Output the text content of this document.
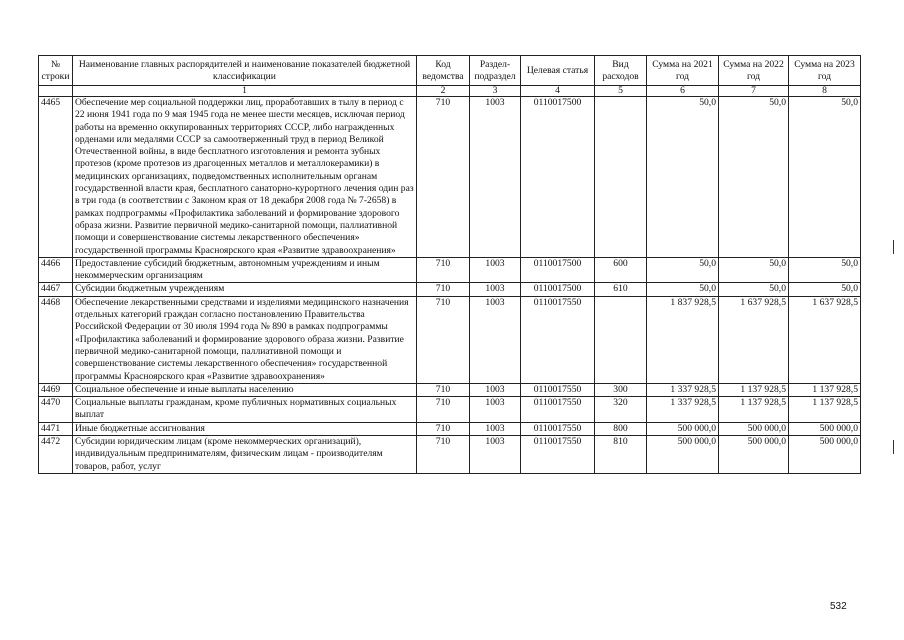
№ строки	Наименование главных распорядителей и наименование показателей бюджетной классификации	Код ведомства	Раздел-подраздел	Целевая статья	Вид расходов	Сумма на 2021 год	Сумма на 2022 год	Сумма на 2023 год
	1	2	3	4	5	6	7	8
4465	Обеспечение мер социальной поддержки лиц, проработавших в тылу в период с 22 июня 1941 года по 9 мая 1945 года не менее шести месяцев, исключая период работы на временно оккупированных территориях СССР, либо награжденных орденами или медалями СССР за самоотверженный труд в период Великой Отечественной войны, в виде бесплатного изготовления и ремонта зубных протезов (кроме протезов из драгоценных металлов и металлокерамики) в медицинских организациях, подведомственных исполнительным органам государственной власти края, бесплатного санаторно-курортного лечения один раз в три года (в соответствии с Законом края от 18 декабря 2008 года № 7-2658) в рамках подпрограммы «Профилактика заболеваний и формирование здорового образа жизни. Развитие первичной медико-санитарной помощи, паллиативной помощи и совершенствование системы лекарственного обеспечения» государственной программы Красноярского края «Развитие здравоохранения»	710	1003	0110017500		50,0	50,0	50,0
4466	Предоставление субсидий бюджетным, автономным учреждениям и иным некоммерческим организациям	710	1003	0110017500	600	50,0	50,0	50,0
4467	Субсидии бюджетным учреждениям	710	1003	0110017500	610	50,0	50,0	50,0
4468	Обеспечение лекарственными средствами и изделиями медицинского назначения отдельных категорий граждан согласно постановлению Правительства Российской Федерации от 30 июля 1994 года № 890 в рамках подпрограммы «Профилактика заболеваний и формирование здорового образа жизни. Развитие первичной медико-санитарной помощи, паллиативной помощи и совершенствование системы лекарственного обеспечения» государственной программы Красноярского края «Развитие здравоохранения»	710	1003	0110017550		1 837 928,5	1 637 928,5	1 637 928,5
4469	Социальное обеспечение и иные выплаты населению	710	1003	0110017550	300	1 337 928,5	1 137 928,5	1 137 928,5
4470	Социальные выплаты гражданам, кроме публичных нормативных социальных выплат	710	1003	0110017550	320	1 337 928,5	1 137 928,5	1 137 928,5
4471	Иные бюджетные ассигнования	710	1003	0110017550	800	500 000,0	500 000,0	500 000,0
4472	Субсидии юридическим лицам (кроме некоммерческих организаций), индивидуальным предпринимателям, физическим лицам - производителям товаров, работ, услуг	710	1003	0110017550	810	500 000,0	500 000,0	500 000,0
532
